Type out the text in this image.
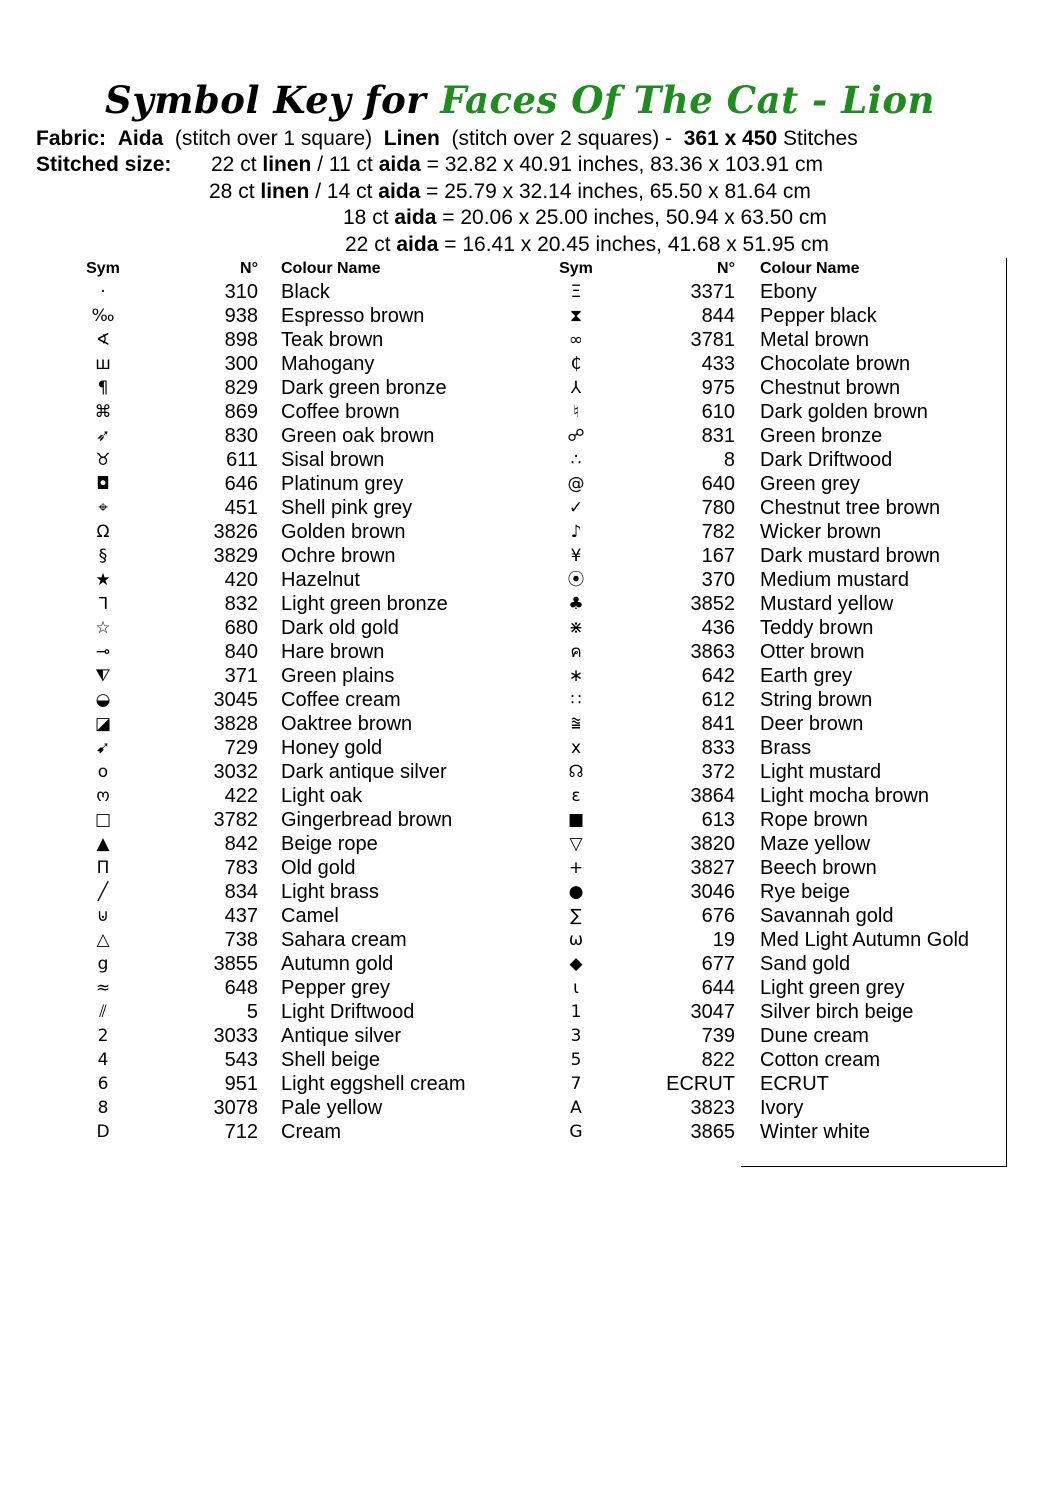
Symbol Key for Faces Of The Cat - Lion
Fabric: Aida (stitch over 1 square) Linen (stitch over 2 squares) - 361 x 450 Stitches
Stitched size: 22 ct linen / 11 ct aida = 32.82 x 40.91 inches, 83.36 x 103.91 cm
28 ct linen / 14 ct aida = 25.79 x 32.14 inches, 65.50 x 81.64 cm
18 ct aida = 20.06 x 25.00 inches, 50.94 x 63.50 cm
22 ct aida = 16.41 x 20.45 inches, 41.68 x 51.95 cm
Sym	N° Colour Name
·	310 Black
‰	938 Espresso brown
∢	898 Teak brown
ш	300 Mahogany
¶	829 Dark green bronze
⌘	869 Coffee brown
➶	830 Green oak brown
♉	611 Sisal brown
◘	646 Platinum grey
⌖	451 Shell pink grey
Ω	3826 Golden brown
§	3829 Ochre brown
★	420 Hazelnut
ᒣ	832 Light green bronze
☆	680 Dark old gold
⊸	840 Hare brown
⧨	371 Green plains
◒	3045 Coffee cream
◪	3828 Oaktree brown
➹	729 Honey gold
o	3032 Dark antique silver
ო	422 Light oak
□	3782 Gingerbread brown
▲	842 Beige rope
Π	783 Old gold
╱	834 Light brass
⊍	437 Camel
△	738 Sahara cream
g	3855 Autumn gold
≈	648 Pepper grey
⫽	5 Light Driftwood
2	3033 Antique silver
4	543 Shell beige
6	951 Light eggshell cream
8	3078 Pale yellow
D	712 Cream
Sym	N° Colour Name
Ξ	3371 Ebony
⧗	844 Pepper black
∞	3781 Metal brown
₵	433 Chocolate brown
⅄	975 Chestnut brown
♮	610 Dark golden brown
☍	831 Green bronze
∴	8 Dark Driftwood
@	640 Green grey
✓	780 Chestnut tree brown
♪	782 Wicker brown
¥	167 Dark mustard brown
⦿	370 Medium mustard
♣	3852 Mustard yellow
⋇	436 Teddy brown
ค	3863 Otter brown
∗	642 Earth grey
∷	612 String brown
⩰	841 Deer brown
x	833 Brass
☊	372 Light mustard
ε	3864 Light mocha brown
■	613 Rope brown
▽	3820 Maze yellow
+	3827 Beech brown
●	3046 Rye beige
∑	676 Savannah gold
ω	19 Med Light Autumn Gold
◆	677 Sand gold
ɩ	644 Light green grey
1	3047 Silver birch beige
3	739 Dune cream
5	822 Cotton cream
7	ECRUT ECRUT
A	3823 Ivory
G	3865 Winter white
